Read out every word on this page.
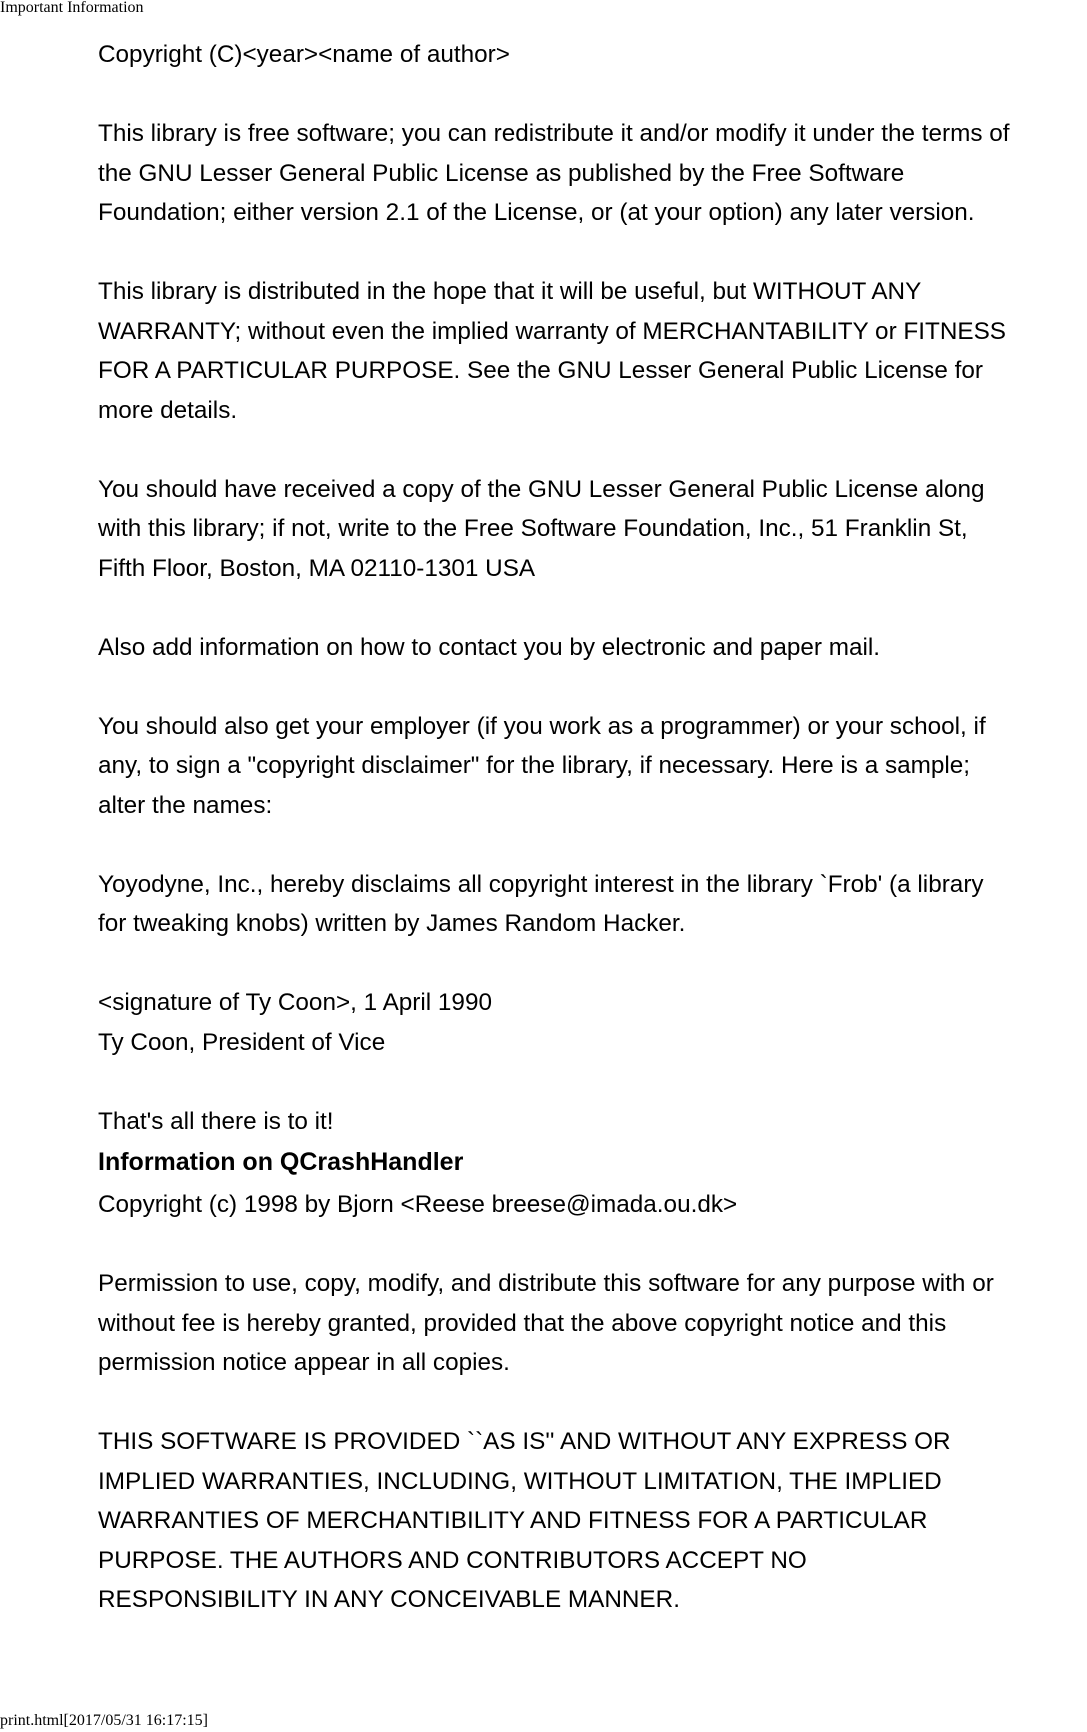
Important Information
Copyright (C)<year><name of author>
This library is free software; you can redistribute it and/or modify it under the terms of
the GNU Lesser General Public License as published by the Free Software
Foundation; either version 2.1 of the License, or (at your option) any later version.
This library is distributed in the hope that it will be useful, but WITHOUT ANY
WARRANTY; without even the implied warranty of MERCHANTABILITY or FITNESS
FOR A PARTICULAR PURPOSE. See the GNU Lesser General Public License for
more details.
You should have received a copy of the GNU Lesser General Public License along
with this library; if not, write to the Free Software Foundation, Inc., 51 Franklin St,
Fifth Floor, Boston, MA 02110-1301 USA
Also add information on how to contact you by electronic and paper mail.
You should also get your employer (if you work as a programmer) or your school, if
any, to sign a "copyright disclaimer" for the library, if necessary. Here is a sample;
alter the names:
Yoyodyne, Inc., hereby disclaims all copyright interest in the library `Frob' (a library
for tweaking knobs) written by James Random Hacker.
<signature of Ty Coon>, 1 April 1990
Ty Coon, President of Vice
That's all there is to it!
Information on QCrashHandler
Copyright (c) 1998 by Bjorn <Reese breese@imada.ou.dk>
Permission to use, copy, modify, and distribute this software for any purpose with or
without fee is hereby granted, provided that the above copyright notice and this
permission notice appear in all copies.
THIS SOFTWARE IS PROVIDED ``AS IS'' AND WITHOUT ANY EXPRESS OR
IMPLIED WARRANTIES, INCLUDING, WITHOUT LIMITATION, THE IMPLIED
WARRANTIES OF MERCHANTIBILITY AND FITNESS FOR A PARTICULAR
PURPOSE. THE AUTHORS AND CONTRIBUTORS ACCEPT NO
RESPONSIBILITY IN ANY CONCEIVABLE MANNER.
print.html[2017/05/31 16:17:15]
